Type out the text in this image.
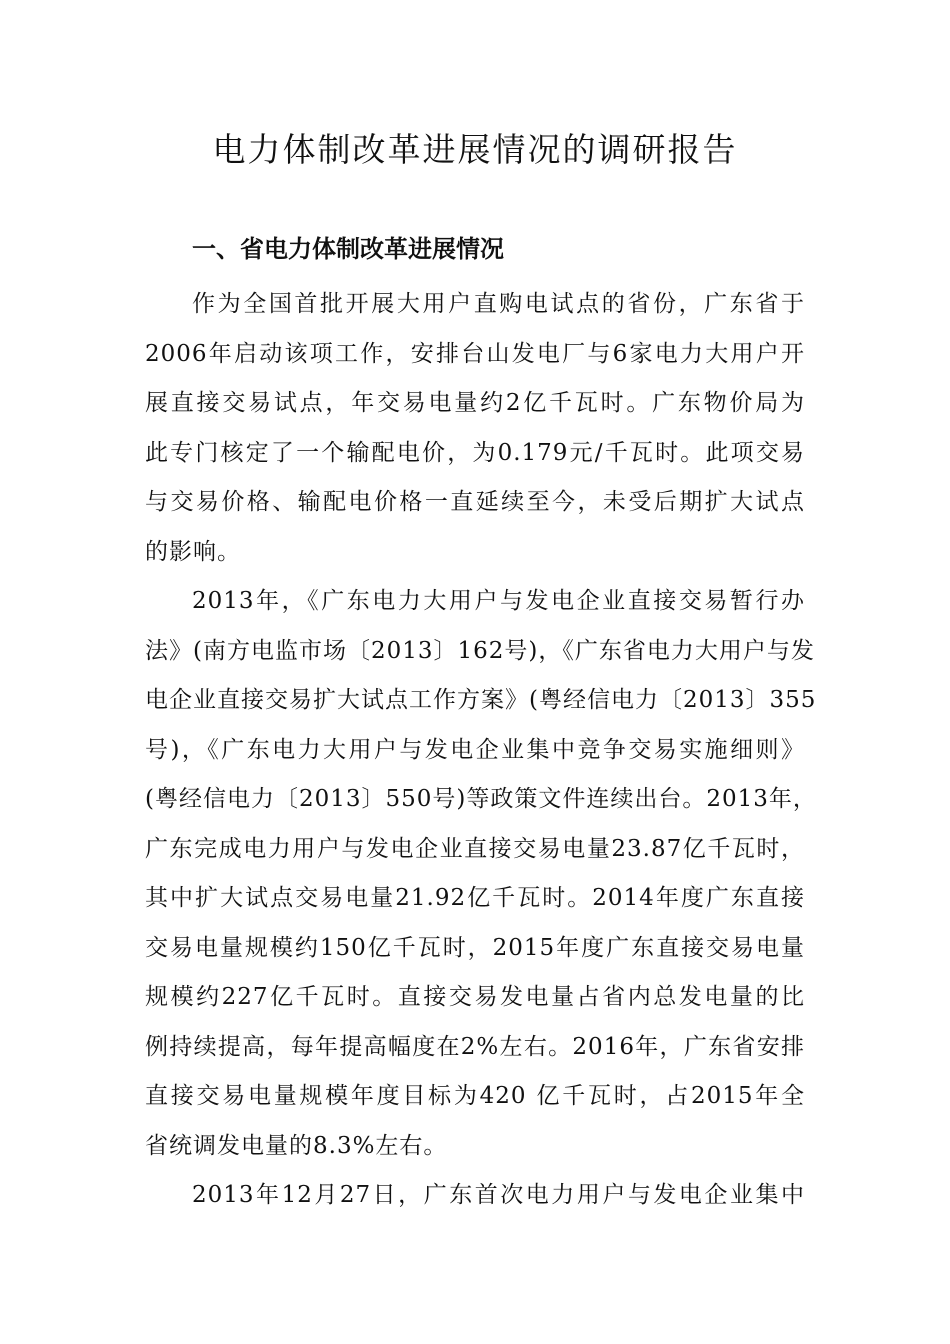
电力体制改革进展情况的调研报告
一、省电力体制改革进展情况
作为全国首批开展大用户直购电试点的省份，广东省于
2006年启动该项工作，安排台山发电厂与6家电力大用户开
展直接交易试点，年交易电量约2亿千瓦时。广东物价局为
此专门核定了一个输配电价，为0.179元/千瓦时。此项交易
与交易价格、输配电价格一直延续至今，未受后期扩大试点
的影响。
2013年，《广东电力大用户与发电企业直接交易暂行办
法》(南方电监市场〔2013〕162号)，《广东省电力大用户与发
电企业直接交易扩大试点工作方案》(粤经信电力〔2013〕355
号)，《广东电力大用户与发电企业集中竞争交易实施细则》
(粤经信电力〔2013〕550号)等政策文件连续出台。2013年，
广东完成电力用户与发电企业直接交易电量23.87亿千瓦时，
其中扩大试点交易电量21.92亿千瓦时。2014年度广东直接
交易电量规模约150亿千瓦时，2015年度广东直接交易电量
规模约227亿千瓦时。直接交易发电量占省内总发电量的比
例持续提高，每年提高幅度在2%左右。2016年，广东省安排
直接交易电量规模年度目标为420 亿千瓦时，占2015年全
省统调发电量的8.3%左右。
2013年12月27日，广东首次电力用户与发电企业集中
